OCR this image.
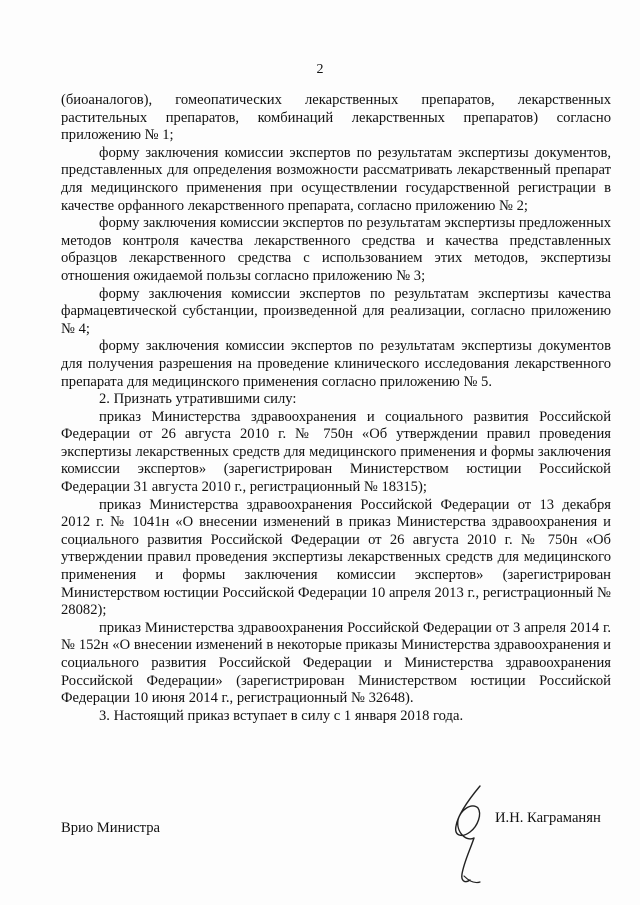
2

(биоаналогов), гомеопатических лекарственных препаратов, лекарственных растительных препаратов, комбинаций лекарственных препаратов) согласно приложению № 1;

форму заключения комиссии экспертов по результатам экспертизы документов, представленных для определения возможности рассматривать лекарственный препарат для медицинского применения при осуществлении государственной регистрации в качестве орфанного лекарственного препарата, согласно приложению № 2;

форму заключения комиссии экспертов по результатам экспертизы предложенных методов контроля качества лекарственного средства и качества представленных образцов лекарственного средства с использованием этих методов, экспертизы отношения ожидаемой пользы согласно приложению № 3;

форму заключения комиссии экспертов по результатам экспертизы качества фармацевтической субстанции, произведенной для реализации, согласно приложению № 4;

форму заключения комиссии экспертов по результатам экспертизы документов для получения разрешения на проведение клинического исследования лекарственного препарата для медицинского применения согласно приложению № 5.

2. Признать утратившими силу:

приказ Министерства здравоохранения и социального развития Российской Федерации от 26 августа 2010 г. № 750н «Об утверждении правил проведения экспертизы лекарственных средств для медицинского применения и формы заключения комиссии экспертов» (зарегистрирован Министерством юстиции Российской Федерации 31 августа 2010 г., регистрационный № 18315);

приказ Министерства здравоохранения Российской Федерации от 13 декабря 2012 г. № 1041н «О внесении изменений в приказ Министерства здравоохранения и социального развития Российской Федерации от 26 августа 2010 г. № 750н «Об утверждении правил проведения экспертизы лекарственных средств для медицинского применения и формы заключения комиссии экспертов» (зарегистрирован Министерством юстиции Российской Федерации 10 апреля 2013 г., регистрационный № 28082);

приказ Министерства здравоохранения Российской Федерации от 3 апреля 2014 г. № 152н «О внесении изменений в некоторые приказы Министерства здравоохранения и социального развития Российской Федерации и Министерства здравоохранения Российской Федерации» (зарегистрирован Министерством юстиции Российской Федерации 10 июня 2014 г., регистрационный № 32648).

3. Настоящий приказ вступает в силу с 1 января 2018 года.

Врио Министра
И.Н. Каграманян
